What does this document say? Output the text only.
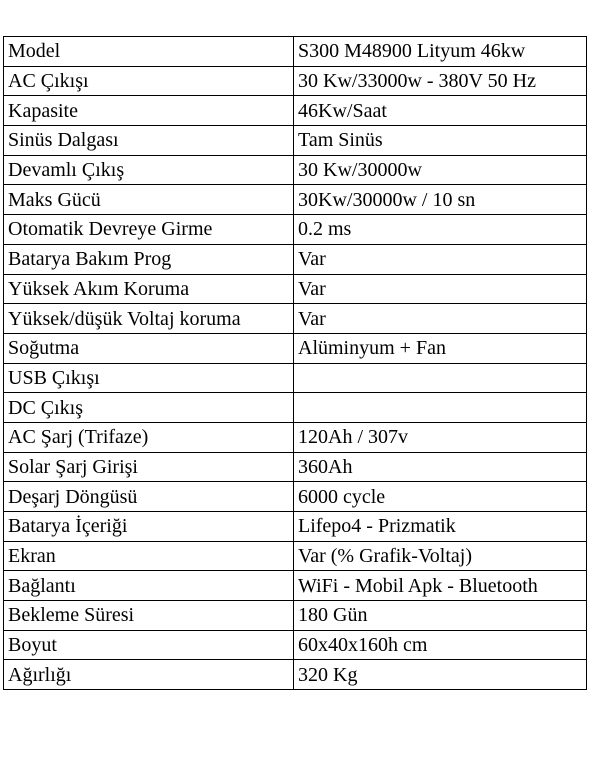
Model	S300 M48900 Lityum 46kw
AC Çıkışı	30 Kw/33000w - 380V 50 Hz
Kapasite	46Kw/Saat
Sinüs Dalgası	Tam Sinüs
Devamlı Çıkış	30 Kw/30000w
Maks Gücü	30Kw/30000w / 10 sn
Otomatik Devreye Girme	0.2 ms
Batarya Bakım Prog	Var
Yüksek Akım Koruma	Var
Yüksek/düşük Voltaj koruma	Var
Soğutma	Alüminyum + Fan
USB Çıkışı	
DC Çıkış	
AC Şarj (Trifaze)	120Ah / 307v
Solar Şarj Girişi	360Ah
Deşarj Döngüsü	6000 cycle
Batarya İçeriği	Lifepo4 - Prizmatik
Ekran	Var (% Grafik-Voltaj)
Bağlantı	WiFi - Mobil Apk - Bluetooth
Bekleme Süresi	180 Gün
Boyut	60x40x160h cm
Ağırlığı	320 Kg
